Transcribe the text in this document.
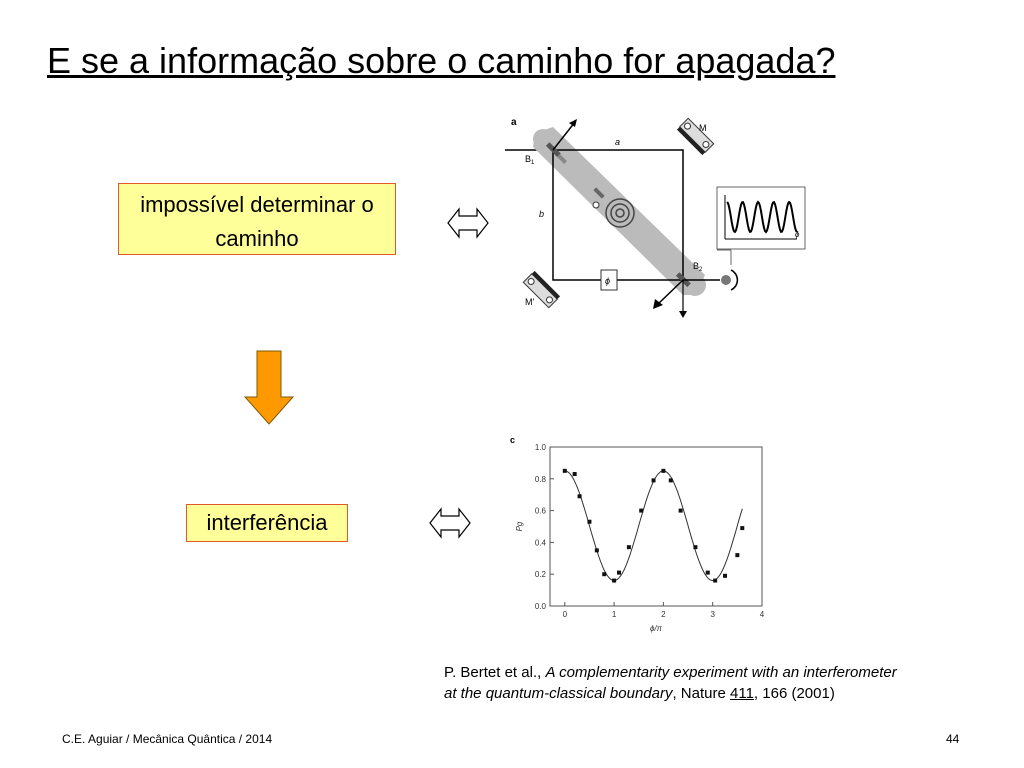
E se a informação sobre o caminho for apagada?
impossível determinar o caminho
interferência
a	M
M'
$B_1$
$B_2$
a
b
ϕ
ϕ
c
0.0
0.2
0.4
0.6
0.8
1.0
0	1	2	3	4
ϕ/π
Pg
P. Bertet et al., A complementarity experiment with an interferometer
at the quantum-classical boundary, Nature 411, 166 (2001)
C.E. Aguiar / Mecânica Quântica / 2014	44
